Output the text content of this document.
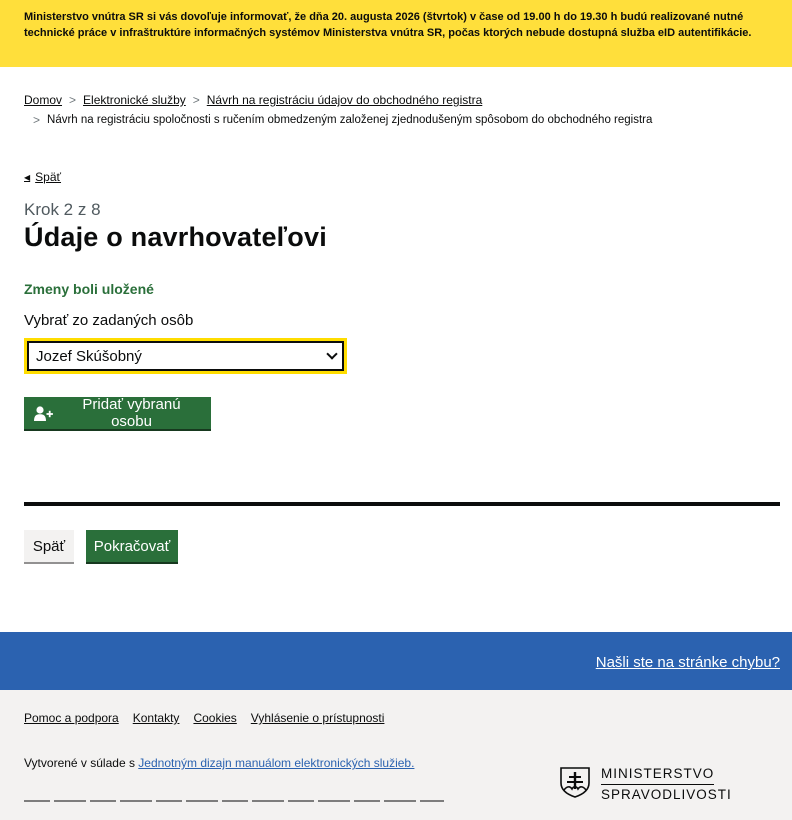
Ministerstvo vnútra SR si vás dovoľuje informovať, že dňa 20. augusta 2026 (štvrtok) v čase od 19.00 h do 19.30 h budú realizované nutné technické práce v infraštruktúre informačných systémov Ministerstva vnútra SR, počas ktorých nebude dostupná služba eID autentifikácie.

Domov > Elektronické služby > Návrh na registráciu údajov do obchodného registra
> Návrh na registráciu spoločnosti s ručením obmedzeným založenej zjednodušeným spôsobom do obchodného registra
◀ Späť
Krok 2 z 8
Údaje o navrhovateľovi
Zmeny boli uložené
Vybrať zo zadaných osôb
Jozef Skúšobný
Pridať vybranú osobu
Späť	Pokračovať
Našli ste na stránke chybu?
Pomoc a podpora Kontakty Cookies Vyhlásenie o prístupnosti
Vytvorené v súlade s Jednotným dizajn manuálom elektronických služieb.
MINISTERSTVO
SPRAVODLIVOSTI
